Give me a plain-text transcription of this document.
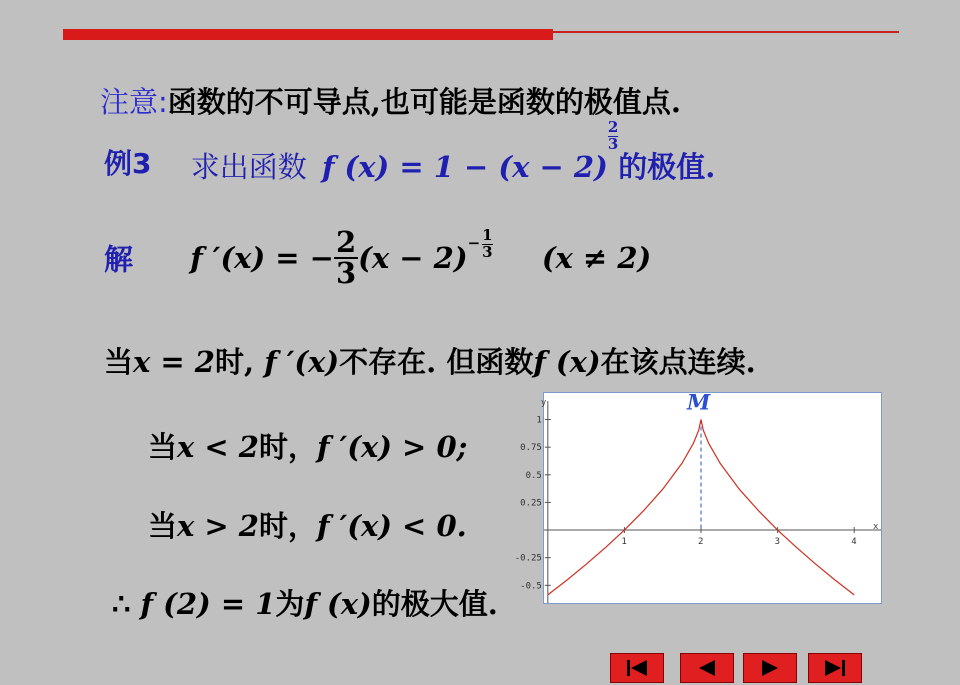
注意:函数的不可导点,也可能是函数的极值点.
例3 求出函数 f (x) = 1 − (x − 2)
$\frac{2}{3}$的极值.
解 f ′(x) = − $\frac{2}{3} (x - 2) - \frac{1}{3} (x \ne 2)$
当x = 2时, f ′(x)不存在. 但函数f (x)在该点连续.
当x < 2时，f ′(x) > 0;
当x > 2时，f ′(x) < 0.
∴ f (2) = 1为f (x)的极大值.
x
y
1	2	3	4
1
0.75
0.5
0.25
-0.25
-0.5
M
